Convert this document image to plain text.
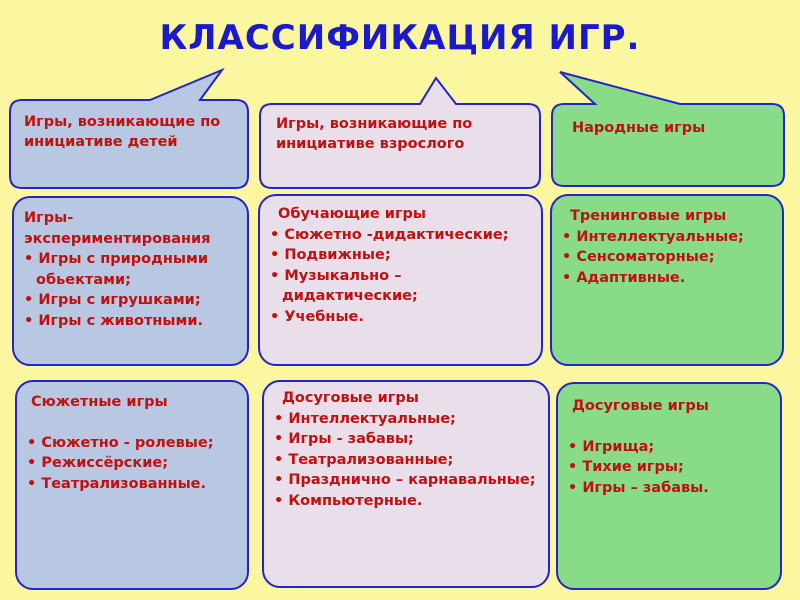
КЛАССИФИКАЦИЯ ИГР.
Игры, возникающие по инициативе детей
Игры, возникающие по инициативе взрослого
Народные игры
Игры-экспериментирования
• Игры с природными обьектами;
• Игры с игрушками;
• Игры с животными.
Сюжетные игры
• Сюжетно - ролевые;
• Режиссёрские;
• Театрализованные.
Обучающие игры
• Сюжетно -дидактические;
• Подвижные;
• Музыкально – дидактические;
• Учебные.
Досуговые игры
• Интеллектуальные;
• Игры - забавы;
• Театрализованные;
• Празднично – карнавальные;
• Компьютерные.
Тренинговые игры
• Интеллектуальные;
• Сенсоматорные;
• Адаптивные.
Досуговые игры
• Игрища;
• Тихие игры;
• Игры – забавы.
